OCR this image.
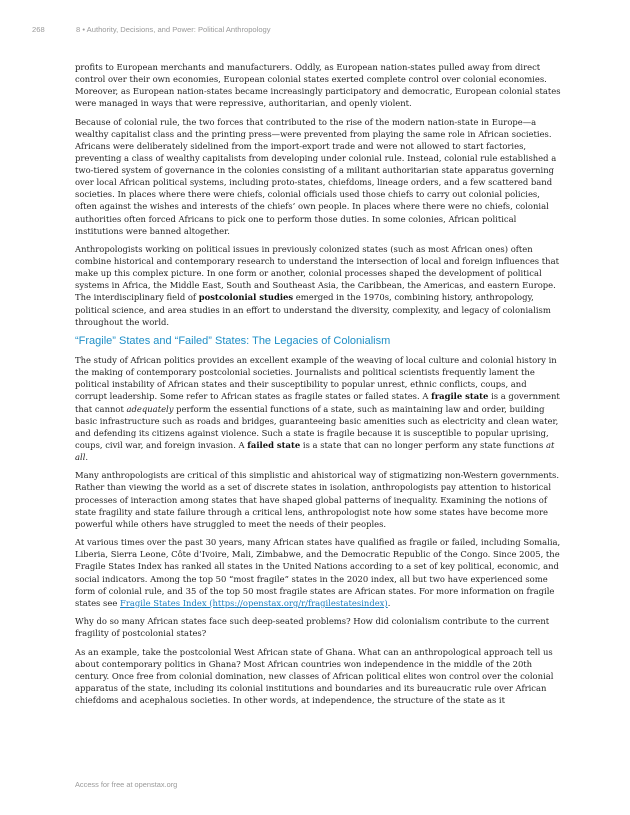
268	8 • Authority, Decisions, and Power: Political Anthropology

profits to European merchants and manufacturers. Oddly, as European nation-states pulled away from direct control over their own economies, European colonial states exerted complete control over colonial economies. Moreover, as European nation-states became increasingly participatory and democratic, European colonial states were managed in ways that were repressive, authoritarian, and openly violent.

Because of colonial rule, the two forces that contributed to the rise of the modern nation-state in Europe—a wealthy capitalist class and the printing press—were prevented from playing the same role in African societies. Africans were deliberately sidelined from the import-export trade and were not allowed to start factories, preventing a class of wealthy capitalists from developing under colonial rule. Instead, colonial rule established a two-tiered system of governance in the colonies consisting of a militant authoritarian state apparatus governing over local African political systems, including proto-states, chiefdoms, lineage orders, and a few scattered band societies. In places where there were chiefs, colonial officials used those chiefs to carry out colonial policies, often against the wishes and interests of the chiefs’ own people. In places where there were no chiefs, colonial authorities often forced Africans to pick one to perform those duties. In some colonies, African political institutions were banned altogether.

Anthropologists working on political issues in previously colonized states (such as most African ones) often combine historical and contemporary research to understand the intersection of local and foreign influences that make up this complex picture. In one form or another, colonial processes shaped the development of political systems in Africa, the Middle East, South and Southeast Asia, the Caribbean, the Americas, and eastern Europe. The interdisciplinary field of postcolonial studies emerged in the 1970s, combining history, anthropology, political science, and area studies in an effort to understand the diversity, complexity, and legacy of colonialism throughout the world.

“Fragile” States and “Failed” States: The Legacies of Colonialism

The study of African politics provides an excellent example of the weaving of local culture and colonial history in the making of contemporary postcolonial societies. Journalists and political scientists frequently lament the political instability of African states and their susceptibility to popular unrest, ethnic conflicts, coups, and corrupt leadership. Some refer to African states as fragile states or failed states. A fragile state is a government that cannot adequately perform the essential functions of a state, such as maintaining law and order, building basic infrastructure such as roads and bridges, guaranteeing basic amenities such as electricity and clean water, and defending its citizens against violence. Such a state is fragile because it is susceptible to popular uprising, coups, civil war, and foreign invasion. A failed state is a state that can no longer perform any state functions at all.

Many anthropologists are critical of this simplistic and ahistorical way of stigmatizing non-Western governments. Rather than viewing the world as a set of discrete states in isolation, anthropologists pay attention to historical processes of interaction among states that have shaped global patterns of inequality. Examining the notions of state fragility and state failure through a critical lens, anthropologist note how some states have become more powerful while others have struggled to meet the needs of their peoples.

At various times over the past 30 years, many African states have qualified as fragile or failed, including Somalia, Liberia, Sierra Leone, Côte d’Ivoire, Mali, Zimbabwe, and the Democratic Republic of the Congo. Since 2005, the Fragile States Index has ranked all states in the United Nations according to a set of key political, economic, and social indicators. Among the top 50 “most fragile” states in the 2020 index, all but two have experienced some form of colonial rule, and 35 of the top 50 most fragile states are African states. For more information on fragile states see Fragile States Index (https://openstax.org/r/fragilestatesindex).

Why do so many African states face such deep-seated problems? How did colonialism contribute to the current fragility of postcolonial states?

As an example, take the postcolonial West African state of Ghana. What can an anthropological approach tell us about contemporary politics in Ghana? Most African countries won independence in the middle of the 20th century. Once free from colonial domination, new classes of African political elites won control over the colonial apparatus of the state, including its colonial institutions and boundaries and its bureaucratic rule over African chiefdoms and acephalous societies. In other words, at independence, the structure of the state as it

Access for free at openstax.org
